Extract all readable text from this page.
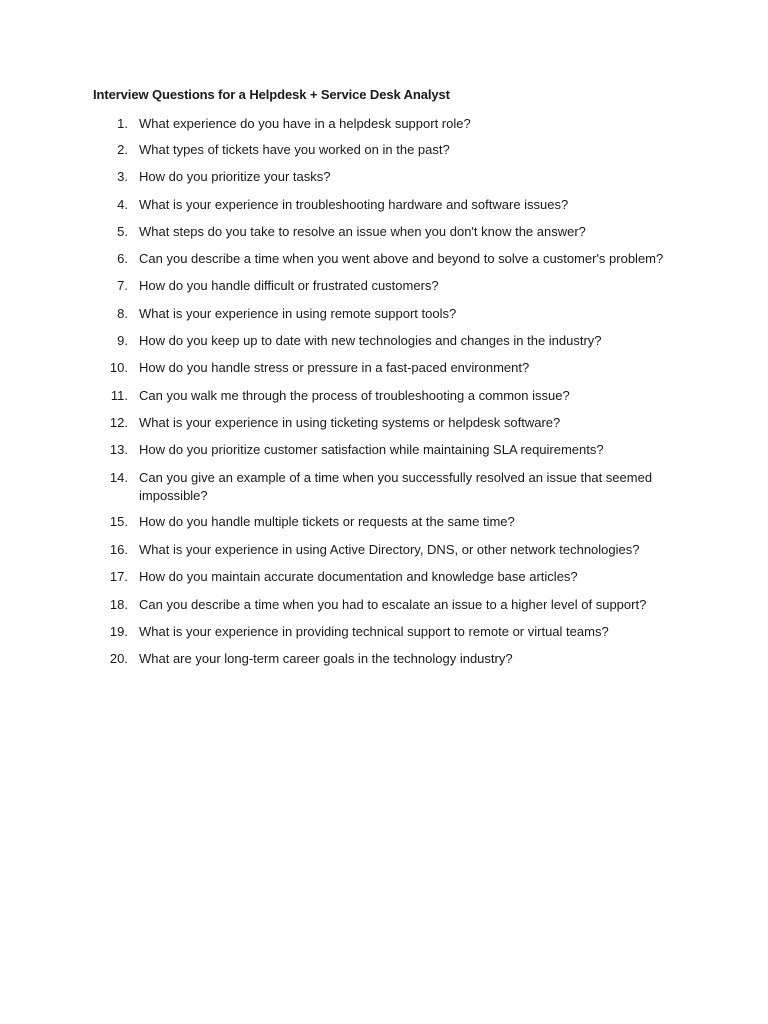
Interview Questions for a Helpdesk + Service Desk Analyst
1. What experience do you have in a helpdesk support role?
2. What types of tickets have you worked on in the past?
3. How do you prioritize your tasks?
4. What is your experience in troubleshooting hardware and software issues?
5. What steps do you take to resolve an issue when you don't know the answer?
6. Can you describe a time when you went above and beyond to solve a customer's problem?
7. How do you handle difficult or frustrated customers?
8. What is your experience in using remote support tools?
9. How do you keep up to date with new technologies and changes in the industry?
10. How do you handle stress or pressure in a fast-paced environment?
11. Can you walk me through the process of troubleshooting a common issue?
12. What is your experience in using ticketing systems or helpdesk software?
13. How do you prioritize customer satisfaction while maintaining SLA requirements?
14. Can you give an example of a time when you successfully resolved an issue that seemed impossible?
15. How do you handle multiple tickets or requests at the same time?
16. What is your experience in using Active Directory, DNS, or other network technologies?
17. How do you maintain accurate documentation and knowledge base articles?
18. Can you describe a time when you had to escalate an issue to a higher level of support?
19. What is your experience in providing technical support to remote or virtual teams?
20. What are your long-term career goals in the technology industry?
